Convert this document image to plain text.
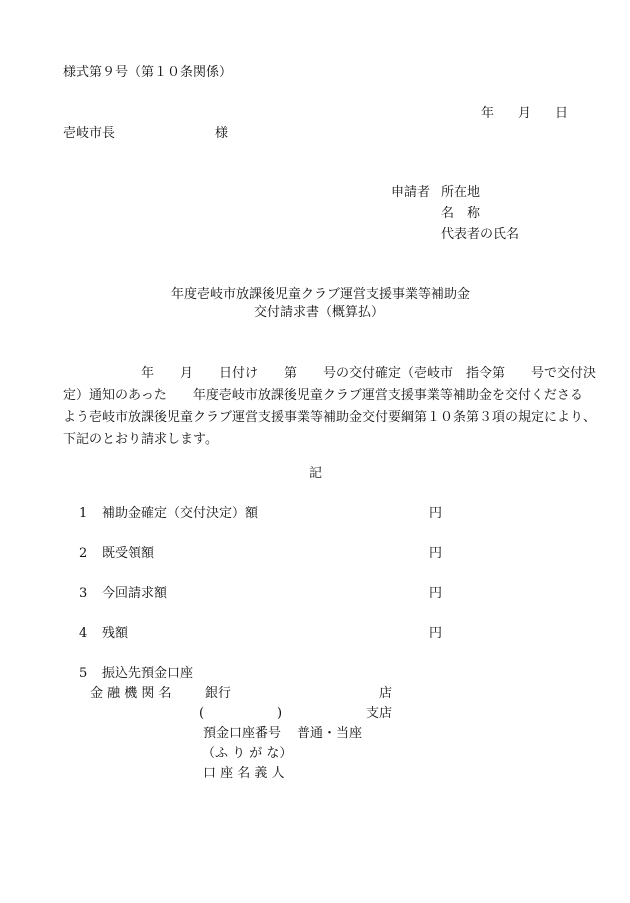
様式第９号（第１０条関係）
年 月 日
壱岐市長	様
申請者 所在地
名　称
代表者の氏名
年度壱岐市放課後児童クラブ運営支援事業等補助金
交付請求書（概算払）
　　　　　　年　　月　　日付け　　第　　号の交付確定（壱岐市　指令第　　号で交付決
定）通知のあった　　年度壱岐市放課後児童クラブ運営支援事業等補助金を交付くださる
よう壱岐市放課後児童クラブ運営支援事業等補助金交付要綱第１０条第３項の規定により、
下記のとおり請求します。
記
1 補助金確定（交付決定）額	円
2 既受領額	円
3 今回請求額	円
4 残額	円
5 振込先預金口座
金 融 機 関 名	銀行	店
(	)	支店
預金口座番号 普通・当座
（ふ り が な）
口 座 名 義 人
